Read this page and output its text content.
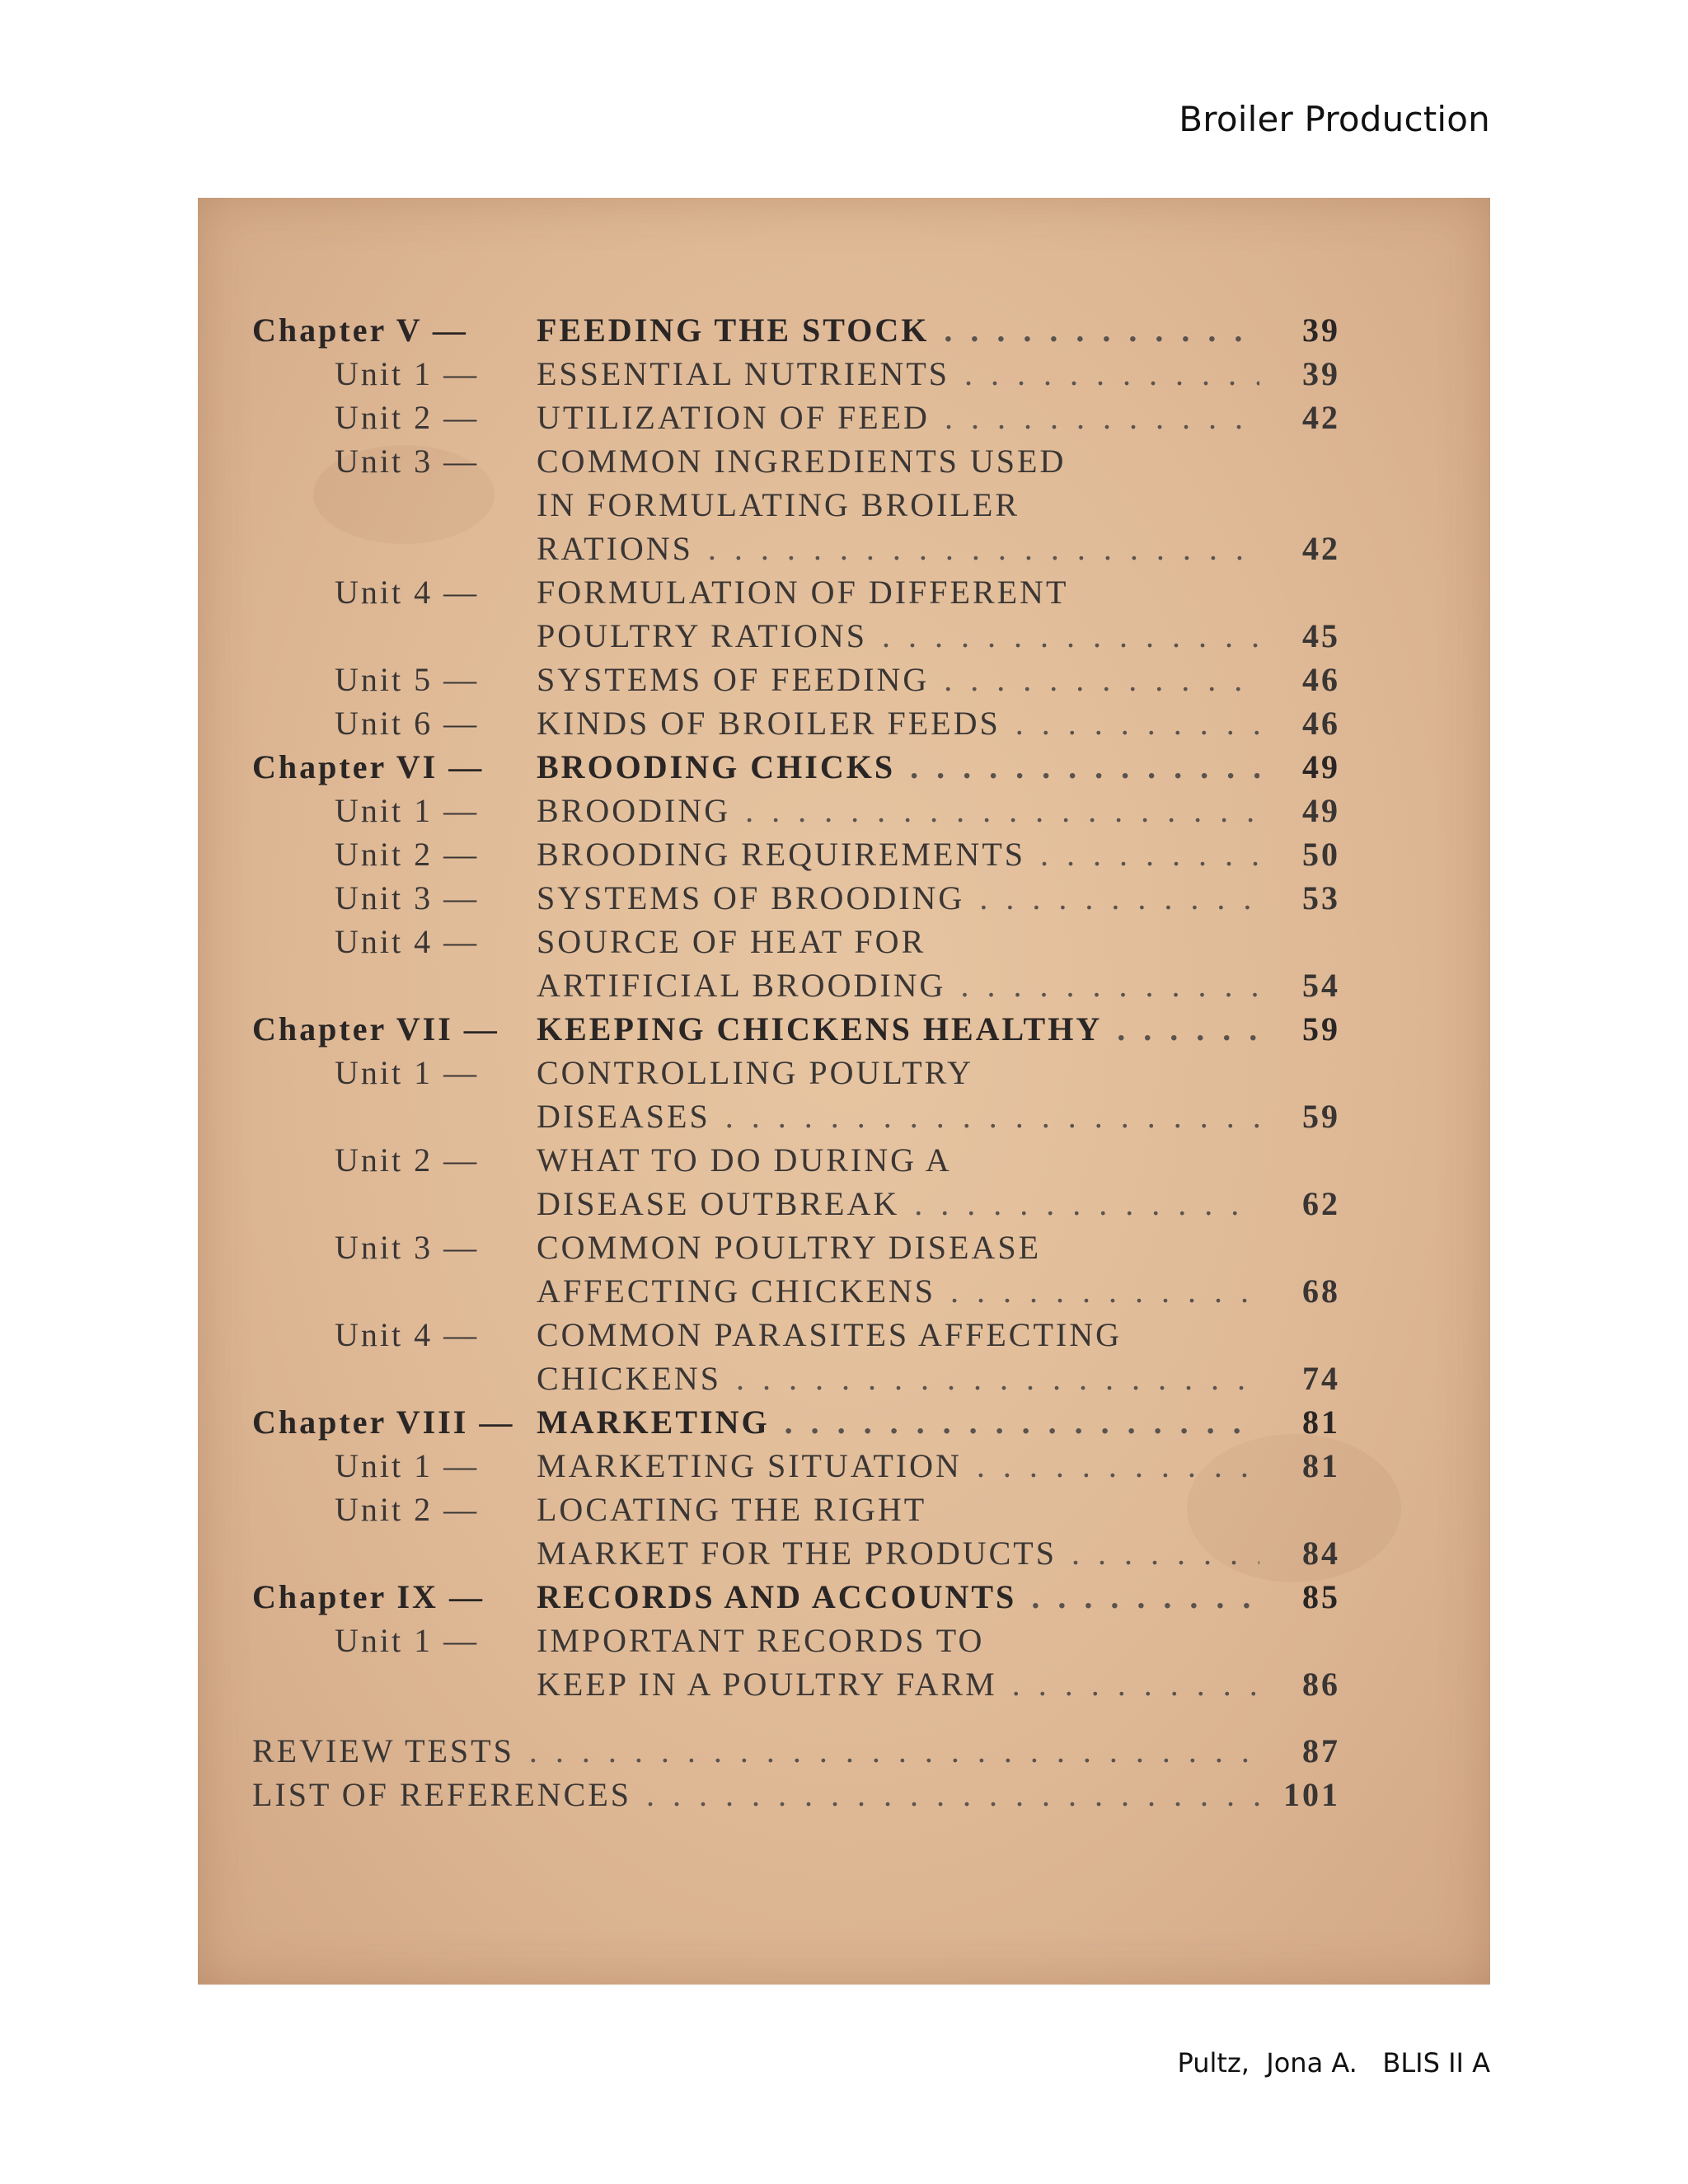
Broiler Production
Chapter V —	FEEDING THE STOCK . . .	39
Unit 1 —	ESSENTIAL NUTRIENTS . . .	39
Unit 2 —	UTILIZATION OF FEED . . .	42
Unit 3 —	COMMON INGREDIENTS USED
IN FORMULATING BROILER
RATIONS . . .	42
Unit 4 —	FORMULATION OF DIFFERENT
POULTRY RATIONS . . .	45
Unit 5 —	SYSTEMS OF FEEDING . . .	46
Unit 6 —	KINDS OF BROILER FEEDS . . .	46
Chapter VI —	BROODING CHICKS . . .	49
Unit 1 —	BROODING . . .	49
Unit 2 —	BROODING REQUIREMENTS . . .	50
Unit 3 —	SYSTEMS OF BROODING . . .	53
Unit 4 —	SOURCE OF HEAT FOR
ARTIFICIAL BROODING . . .	54
Chapter VII —	KEEPING CHICKENS HEALTHY . . .	59
Unit 1 —	CONTROLLING POULTRY
DISEASES . . .	59
Unit 2 —	WHAT TO DO DURING A
DISEASE OUTBREAK . . .	62
Unit 3 —	COMMON POULTRY DISEASE
AFFECTING CHICKENS . . .	68
Unit 4 —	COMMON PARASITES AFFECTING
CHICKENS . . .	74
Chapter VIII — MARKETING . . .	81
Unit 1 —	MARKETING SITUATION . . .	81
Unit 2 —	LOCATING THE RIGHT
MARKET FOR THE PRODUCTS . . .	84
Chapter IX —	RECORDS AND ACCOUNTS . . .	85
Unit 1 —	IMPORTANT RECORDS TO
KEEP IN A POULTRY FARM . . .	86
REVIEW TESTS . . .	87
LIST OF REFERENCES . . .	101
Pultz,  Jona A.   BLIS II A
